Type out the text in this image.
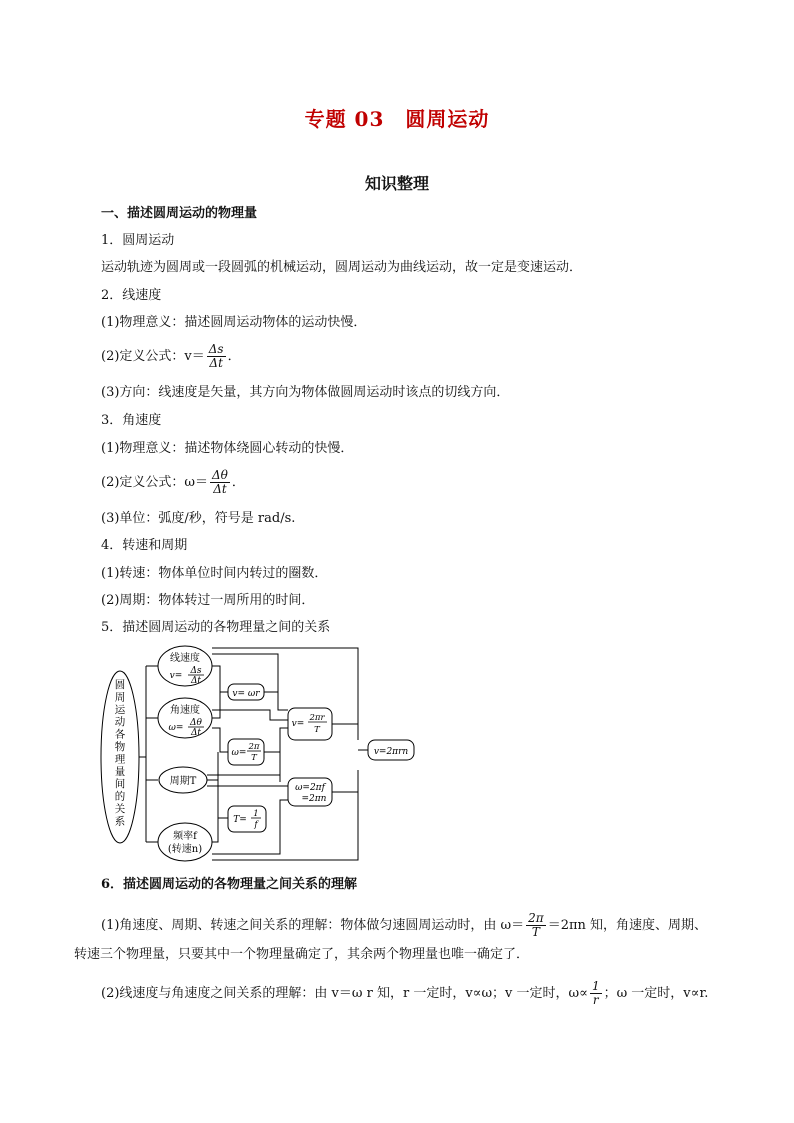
专题 03　圆周运动
知识整理
一、描述圆周运动的物理量
1．圆周运动
运动轨迹为圆周或一段圆弧的机械运动，圆周运动为曲线运动，故一定是变速运动．
2．线速度
(1)物理意义：描述圆周运动物体的运动快慢．
(2)定义公式：$v= \frac{\Delta s}{\Delta t}$ ．
(3)方向：线速度是矢量，其方向为物体做圆周运动时该点的切线方向．
3．角速度
(1)物理意义：描述物体绕圆心转动的快慢．
(2)定义公式：$\omega= \frac{\Delta\theta}{\Delta t}$ ．
(3)单位：弧度/秒，符号是 rad/s.
4．转速和周期
(1)转速：物体单位时间内转过的圈数．
(2)周期：物体转过一周所用的时间．
5．描述圆周运动的各物理量之间的关系
圆
周
运
动
各
物
理
量
间
的
关
系
线速度
v= Δs
Δt
角速度
ω= Δθ
Δt
周期T
频率f
(转速n)
v= ωr
ω=
2π
T
T=
1
f
v=
2πr
T
ω=2πf
=2πn
v=2πrn
6．描述圆周运动的各物理量之间关系的理解
(1)角速度、周期、转速之间关系的理解：物体做匀速圆周运动时，由 $\omega= \frac{2\pi}{T} =2\pi n$ 知，角速度、周期、
转速三个物理量，只要其中一个物理量确定了，其余两个物理量也唯一确定了．
(2)线速度与角速度之间关系的理解：由 v＝ω r 知，r 一定时，v∝ω；v 一定时，$\omega\propto \frac{1}{r}$ ；ω 一定时，v∝r.
